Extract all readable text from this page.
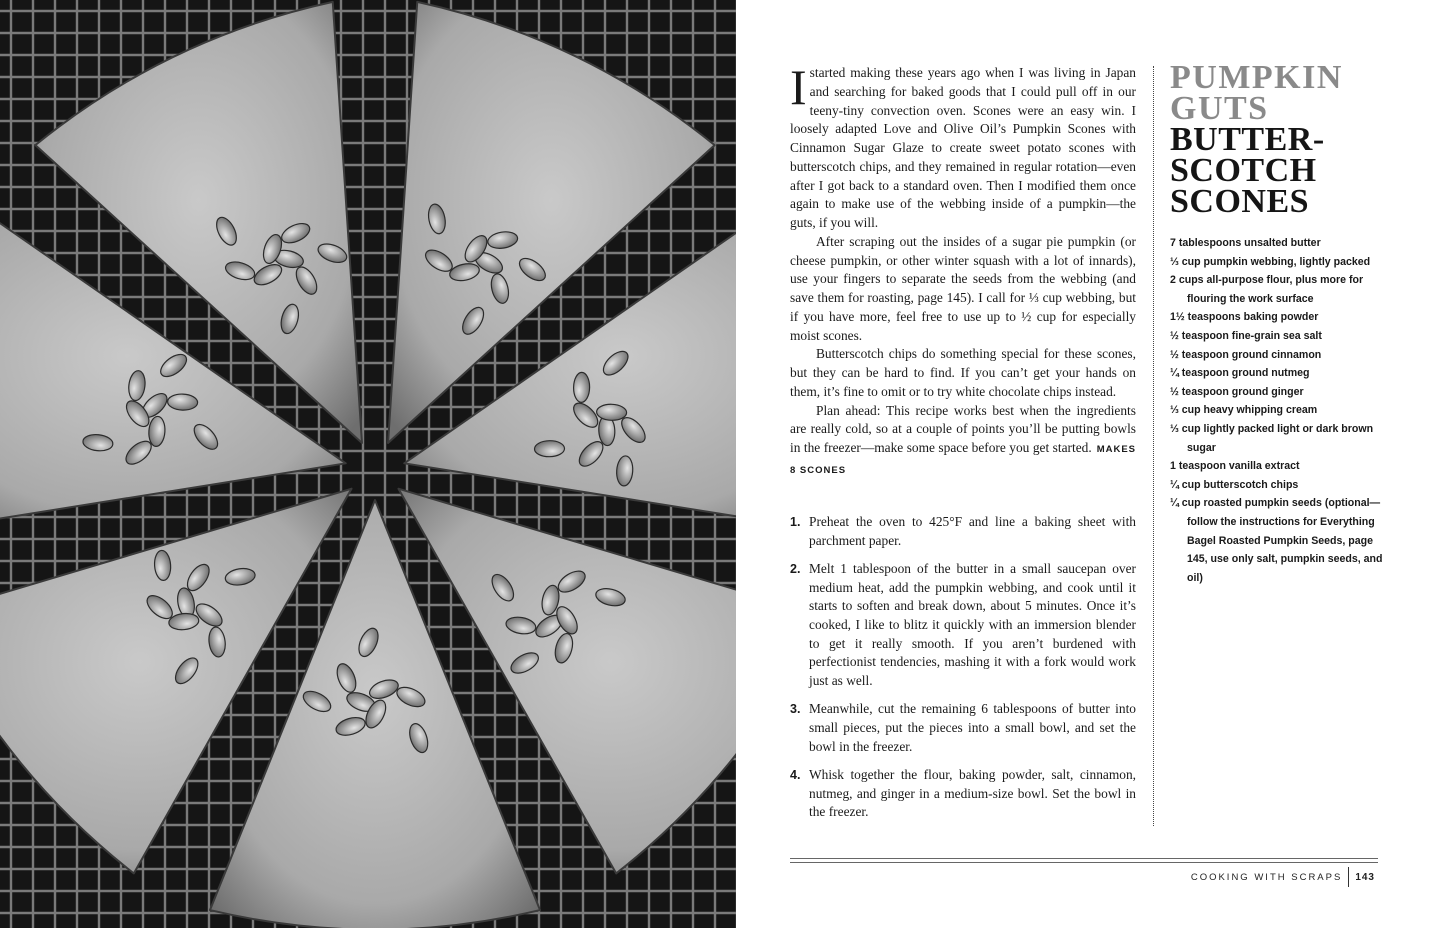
Istarted making these years ago when I was living in Japan and searching for baked goods that I could pull off in our teeny-tiny convection oven. Scones were an easy win. I loosely adapted Love and Olive Oil’s Pumpkin Scones with Cinnamon Sugar Glaze to create sweet potato scones with butterscotch chips, and they remained in regular rotation—even after I got back to a standard oven. Then I modified them once again to make use of the webbing inside of a pumpkin—the guts, if you will.

After scraping out the insides of a sugar pie pumpkin (or cheese pumpkin, or other winter squash with a lot of innards), use your fingers to separate the seeds from the webbing (and save them for roasting, page 145). I call for ⅓ cup webbing, but if you have more, feel free to use up to ½ cup for especially moist scones.

Butterscotch chips do something special for these scones, but they can be hard to find. If you can’t get your hands on them, it’s fine to omit or to try white chocolate chips instead.

Plan ahead: This recipe works best when the ingredients are really cold, so at a couple of points you’ll be putting bowls in the freezer—make some space before you get started. MAKES 8 SCONES

1. Preheat the oven to 425°F and line a baking sheet with parchment paper.
2. Melt 1 tablespoon of the butter in a small saucepan over medium heat, add the pumpkin webbing, and cook until it starts to soften and break down, about 5 minutes. Once it’s cooked, I like to blitz it quickly with an immersion blender to get it really smooth. If you aren’t burdened with perfectionist tendencies, mashing it with a fork would work just as well.
3. Meanwhile, cut the remaining 6 tablespoons of butter into small pieces, put the pieces into a small bowl, and set the bowl in the freezer.
4. Whisk together the flour, baking powder, salt, cinnamon, nutmeg, and ginger in a medium-size bowl. Set the bowl in the freezer.
PUMPKIN
GUTS
BUTTER-
SCOTCH
SCONES
7 tablespoons unsalted butter
⅓ cup pumpkin webbing, lightly packed
2 cups all-purpose flour, plus more for flouring the work surface
1½ teaspoons baking powder
½ teaspoon fine-grain sea salt
½ teaspoon ground cinnamon
¼ teaspoon ground nutmeg
½ teaspoon ground ginger
⅓ cup heavy whipping cream
⅓ cup lightly packed light or dark brown sugar
1 teaspoon vanilla extract
¼ cup butterscotch chips
¼ cup roasted pumpkin seeds (optional—follow the instructions for Everything Bagel Roasted Pumpkin Seeds, page 145, use only salt, pumpkin seeds, and oil)
COOKING WITH SCRAPS 143
